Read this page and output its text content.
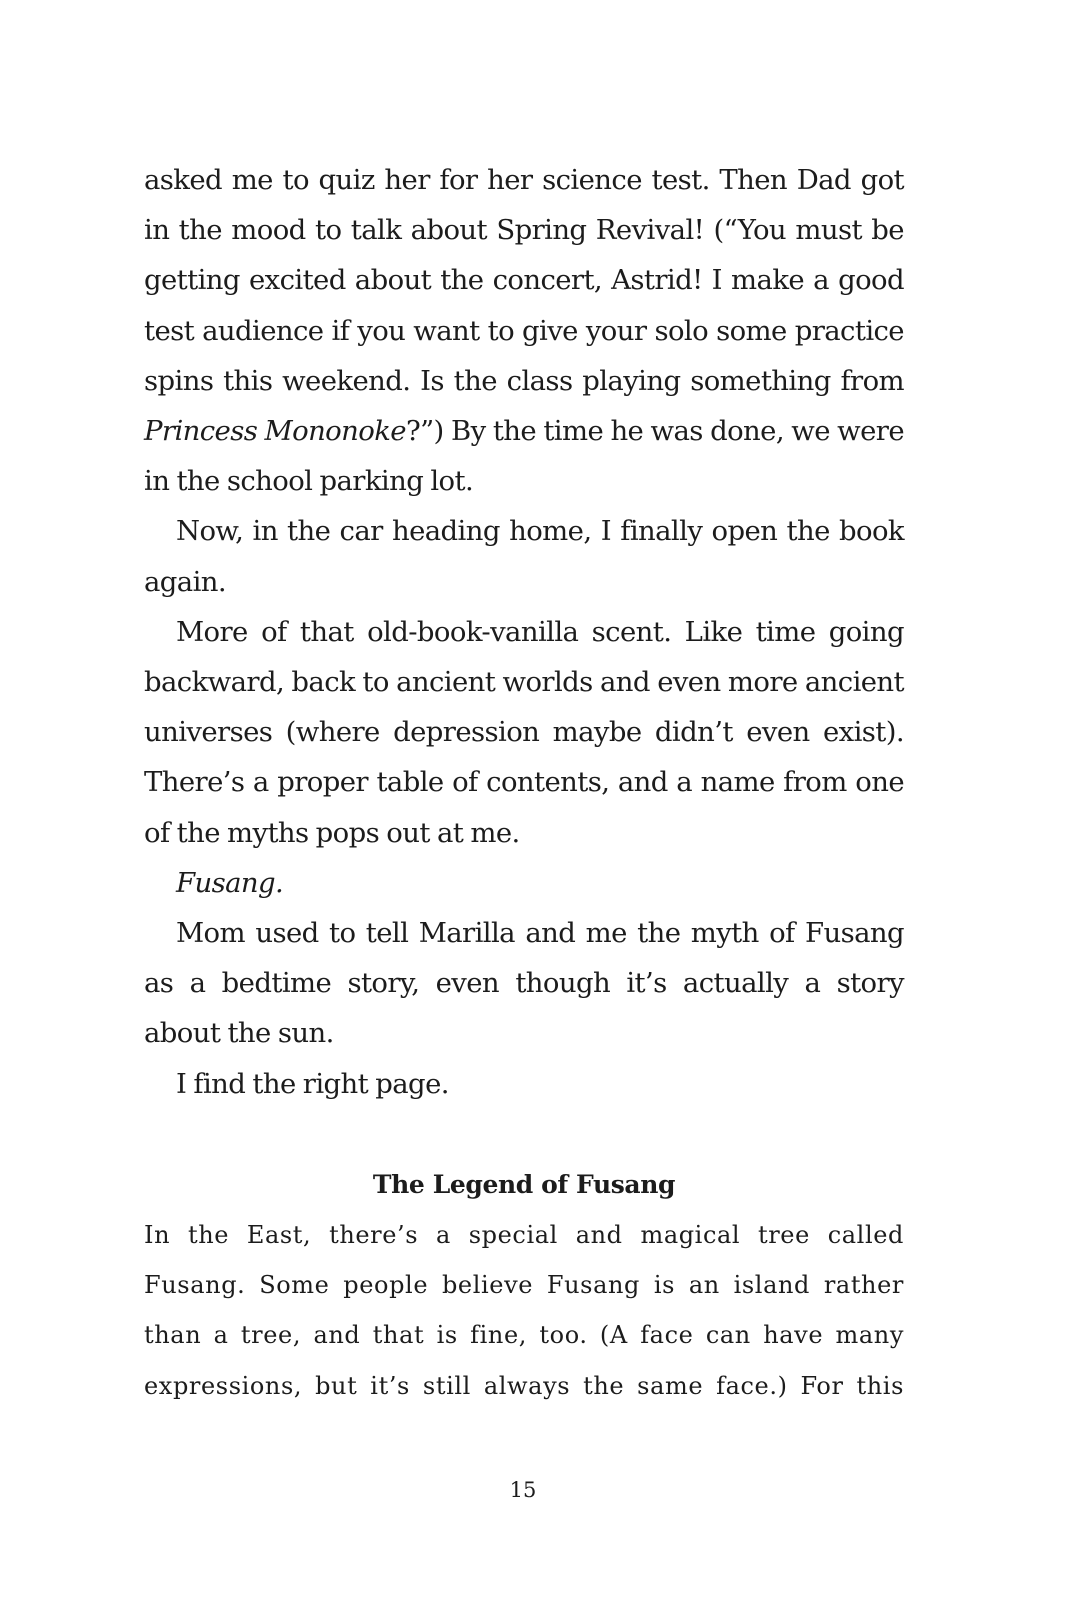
asked me to quiz her for her science test. Then Dad got in the mood to talk about Spring Revival! (“You must be getting excited about the concert, Astrid! I make a good test audience if you want to give your solo some practice spins this weekend. Is the class playing something from Princess Mononoke?”) By the time he was done, we were in the school parking lot.

Now, in the car heading home, I finally open the book again.

More of that old-book-vanilla scent. Like time going backward, back to ancient worlds and even more ancient universes (where depression maybe didn’t even exist). There’s a proper table of contents, and a name from one of the myths pops out at me.

Fusang.

Mom used to tell Marilla and me the myth of Fusang as a bedtime story, even though it’s actually a story about the sun.

I find the right page.

The Legend of Fusang

In the East, there’s a special and magical tree called Fusang. Some people believe Fusang is an island rather than a tree, and that is fine, too. (A face can have many expressions, but it’s still always the same face.) For this

15
